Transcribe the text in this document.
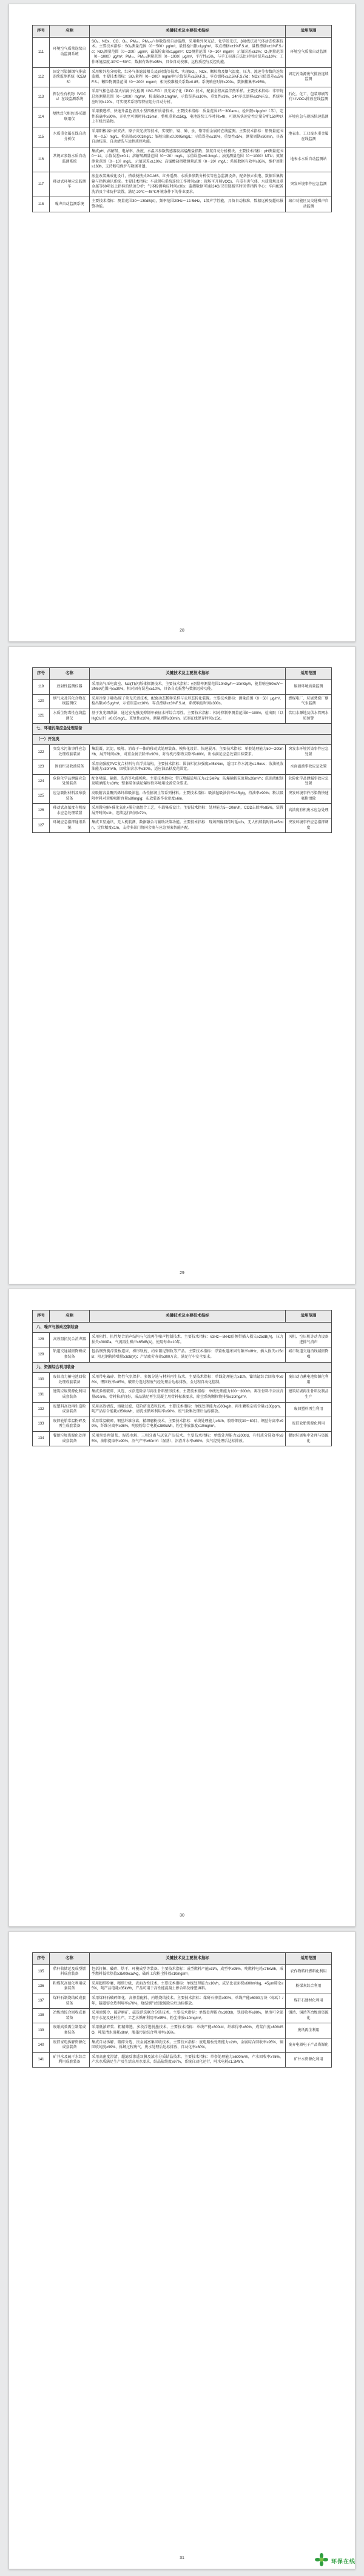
序号	名称	关键技术及主要技术指标	适用范围
111	环境空气质量连续自动监测系统	SO₂、NOx、CO、O₃、PM₁₀、PM₂.₅六参数连续自动监测，采用紫外荧光法、化学发光法、β射线法及气体动态校准技术。主要技术指标：SO₂测量范围（0～500）μg/m³，最低检出限≤1μg/m³，零点漂移≤±1%F.S./d，量程漂移≤±1%F.S./d；NO₂测量范围（0～200）μg/m³，最低检出限≤1μg/m³；CO测量范围（0～10）mg/m³，示值误差≤±2%；O₃测量范围（0～1000）μg/m³；PM₁₀、PM₂.₅测量范围（0～1000）μg/m³，平行性≤5%，与手工标准方法比对相对误差≤±10%；工作环境温度-30℃～50℃；数据有效率≥95%，具备自动校准、远程质控与反控功能。	环境空气质量自动监测
112	固定污染源烟气排放连续监测系统（CEMS）	采用紫外差分吸收、红外气体滤波相关及β射线等技术，实现SO₂、NOx、颗粒物及烟气温度、压力、流速等参数的连续监测。主要技术指标：SO₂量程（0～200）mg/m³时示值误差≤±5%F.S.，零点漂移≤±2.5%F.S./7d；NOx示值误差≤±5%F.S.；颗粒物测量范围（0～200）mg/m³，相关校准相关系数≥0.85；系统响应时间≤200s，数据捕集率≥95%。	固定污染源废气排放连续监测
113	挥发性有机物（VOCs）在线监测系统	采用气相色谱-氢火焰离子化检测（GC-FID）及光离子化（PID）技术，配套全程高温伴热采样。主要技术指标：非甲烷总烃测量范围（0～1000）mg/m³，检出限≤0.1mg/m³，示值误差≤±10%，重复性≤3%，24h零点漂移≤±3%F.S.，系统响应时间≤120s，可实现苯系物等特征组分自动分析。	石化、化工、包装印刷等行业VOCs排放在线监测
114	便携式气相色谱-质谱联用仪	采用膜进样、快速升温色谱及小型四极杆质谱技术。主要技术指标：质量范围15～300amu，检出限≤1μg/m³（苯），定性准确率≥90%，开机至可测时间≤15min，整机重量≤15kg，电池连续工作时间≥4h，可现场快速定性定量分析150种以上有机污染物。	环境应急与现场快速监测
115	水质重金属在线自动分析仪	采用阳极溶出伏安法、原子荧光法等技术，实现铅、镉、砷、汞、铬等重金属的在线监测。主要技术指标：铅测量范围（0～0.5）mg/L，检出限≤0.001mg/L；镉检出限≤0.0005mg/L；示值误差≤±10%，重复性≤5%，测量周期≤60min，具备自动校准、自动清洗与远程质控功能。	地表水、工业废水重金属在线监测
116	常规五参数水质自动监测系统	集成pH、溶解氧、电导率、浊度、水温五参数传感器及高锰酸盐指数、氨氮自动分析模块。主要技术指标：pH测量范围0～14，示值误差≤±0.1；溶解氧测量范围（0～20）mg/L，示值误差≤±0.3mg/L；浊度测量范围（0～1000）NTU；氨氮测量范围（0～10）mg/L，示值误差≤±10%；高锰酸盐指数测量范围（0～20）mg/L；系统数据有效率≥95%，维护周期≥168h，支持断电保护与数据补遗。	地表水水质自动监测站
117	移动式环境应急监测车	底盘改装集成化设计，搭载便携式GC-MS、红外遥测、水质多参数分析仪等应急监测设备，配备独立供电、数据采集传输与指挥通讯系统。主要技术指标：车载供电系统连续工作时间≥8h；现场可开展VOCs、有毒有害气体、水质常规及重金属等60项以上指标的快速分析；气体检测响应时间≤30s；监测数据可通过4G/卫星链路实时回传指挥中心；车内配备洗消及个体防护装置，满足-20℃～45℃环境条件下的作业要求。	突发环境事件应急监测
118	噪声自动监测系统	主要技术指标：测量范围30～130dB(A)，频率范围20Hz～12.5kHz，1级声学性能，具备自动校准、数据远传及超标报警功能。	城市功能区及交通噪声自动监测
28
序号	名称	关键技术及主要技术指标	适用范围
119	放射性监测仪器	采用高气压电离室、NaI(Tl)闪烁体探测技术。主要技术指标：γ剂量率测量范围10nGy/h～10mGy/h，能量响应50keV～3MeV范围内≤±30%，相对固有误差≤±10%，具备自动报警与数据远传功能。	辐射环境质量监测
120	烟气汞及其化合物在线监测仪	采用冷原子吸收/原子荧光光谱技术，配套动态稀释采样与汞形态转化装置。主要技术指标：测量范围（0～50）μg/m³，检出限≤0.5μg/m³，示值误差≤±10%，零点漂移≤±3%F.S./d，系统响应时间≤300s。	燃煤电厂、垃圾焚烧厂烟气汞监测
121	水质生物毒性在线监测仪	基于发光细菌法，通过发光强度抑制率表征水样综合毒性。主要技术指标：相对抑制率测量范围0～100%，检出限（以HgCl₂计）≤0.05mg/L，重复性≤10%，测量周期≤30min，试剂在线保存时间≥15d。	饮用水源地及供水管网水质预警
七、环境污染应急处理装备			
（一）开发类			
122	突发水污染事件应急处理成套装备	集混凝、沉淀、吸附、消毒于一体的移动式处理装备，模块化设计、快速展开。主要技术指标：单套处理能力50～200m³/h，展开时间≤2h，对重金属去除率≥90%，对有机污染物去除率≥80%，出水满足应急处置目标要求。	突发水环境污染事件应急处置
123	围油栏及收油装备	采用高强度PVC复合材料与自浮式结构。主要技术指标：围油栏抗拉强度≥45kN/m，适用工作水流速≤1.5m/s；收油机收油能力≥30m³/h，回收油含水率≤30%，适应油品粘度范围宽。	水面溢油事故应急处置
124	危险化学品泄漏应急处置装备	配备堵漏、输转、洗消等功能模块。主要技术指标：带压堵漏适用压力≤2.5MPa；防爆输转泵流量≥20m³/h；洗消液配制及喷洒能力≥3t/h；整套装备满足爆炸性环境用设备安全要求。	危险化学品泄漏事故应急处置
125	应急吸附材料及布放装备	高吸附容量聚丙烯纤维吸油毡、改性膨润土等系列材料。主要技术指标：吸油毡吸油倍率≥15g/g，持油率≥90%；粉状吸附材料对苯酚吸附容量≥80mg/g；布放装备作业宽度≥6m。	突发环境事件污染物快速吸附清除
126	移动式高浓度有机废水应急处理装置	采用微电解+催化氧化+膜分离组合工艺，车载集成设计。主要技术指标：处理能力5～20m³/h，COD去除率≥85%，装置展开时间≤1h，连续运行时间≥72h。	高浓度有机废水应急处理
127	环境应急指挥通讯系统	集成卫星通讯、无人机航测、数据融合与辅助决策功能。主要技术指标：现场图像回传时延≤2s，无人机续航时间≥45min，定位精度≤1m，支持多部门协同会商与应急预案智能匹配。	突发环境事件应急指挥调度
29
序号	名称	关键技术及主要技术指标	适用范围
八、噪声与振动控制装备			
128	高效阻抗复合消声器	采用阻性、抗性复合消声结构与气流再生噪声控制技术。主要技术指标：63Hz～8kHz倍频带插入损失≥25dB(A)，压力损失≤300Pa，气流再生噪声≤65dB(A)，使用寿命≥10年。	风机、空压机等动力设备进排气消声
129	轨道交通减振降噪成套装备	包括钢弹簧浮置板道床、梯形轨枕、约束阻尼钢轨等产品。主要技术指标：浮置板道床固有频率≤8Hz，插入损失≥15dB；阻尼钢轨降噪量≥3dB(A)；产品疲劳寿命≥300万次，满足行车安全要求。	城市轨道交通沿线减振降噪
九、资源综合利用装备			
130	废旧动力蓄电池回收处理成套装备	采用带电破碎、惰性气氛保护、多级分选与材料再生技术。主要技术指标：单线处理能力≥1t/h，镍钴锰综合回收率≥98%，锂回收率≥85%，破碎分选过程废气经处理后达标排放，全过程自动化控制。	废旧动力蓄电池资源化利用
131	建筑垃圾资源化利用成套装备	集成多级破碎、风选、水浮选除杂与再生骨料整形技术。主要技术指标：单线处理能力100～300t/h，再生骨料中杂质含量≤0.5%，骨料粒形良好，成品满足再生混凝土用骨料标准要求，除尘系统颗粒物排放≤10mg/m³。	建筑垃圾再生骨料及制品生产
132	废塑料高效再生造粒成套装备	采用高效清洗、熔融过滤、双阶挤出造粒技术。主要技术指标：单线处理能力≥500kg/h，再生颗粒杂质含量≤100ppm，吨产品综合能耗≤350kWh，清洗水循环利用率≥90%，废气收集处理后达标排放。	废旧塑料再生利用
133	废旧轮胎常温粉碎及再生成套装备	采用常温破碎、钢丝纤维分离、精细磨粉技术。主要技术指标：单线处理能力≥3t/h，胶粉细度30～80目，钢丝分离率≥99%，纤维分离率≥98%，吨胶粉综合电耗≤280kWh，粉尘排放浓度≤10mg/m³。	废旧轮胎资源化利用
134	餐厨垃圾资源化处理成套装备	采用预处理制浆、湿热水解、三相分离与厌氧产沼技术。主要技术指标：单线处理能力≥200t/d，有机质分选效率≥95%，油脂提取率≥90%，沼气产率≥60m³/t（湿基），沼渣含水率≤60%，臭气经处理后达标排放。	餐厨垃圾集中处理与资源化
30
序号	名称	关键技术及主要技术指标	适用范围
135	秸秆收储运及成型燃料成套装备	包括打捆、破碎、烘干、环模成型等装备。主要技术指标：成型燃料产能≥3t/h，成型率≥95%，吨燃料电耗≤75kWh，成型燃料低位热值≥3500kcal/kg，破碎工段粉尘排放≤10mg/m³。	农作物秸秆燃料化利用
136	粉煤灰高值化利用成套装备	采用超细粉磨、精细分级、表面改性技术。主要技术指标：单线处理能力≥10t/h，成品比表面积≥600m²/kg，45μm筛余≤5%，吨产品电耗≤35kWh，产品可用于高性能混凝土掺合料及橡塑填料。	粉煤灰综合利用
137	煤矸石制烧结砖成套装备	采用煤矸石破碎细化、高掺量配料、内燃烧结技术。主要技术指标：煤矸石掺量≥90%，单线产能≥6000万块（标砖）/年，隧道窑余热利用率≥70%，烧结烟气经脱硫除尘后达标排放。	煤矸石建材化利用
138	冶炼渣综合回收成套装备	采用渣缓冷、破碎磨矿、磁选浮选联合分选技术。主要技术指标：单线处理能力≥100t/h，铁回收率≥90%，尾渣可全部用于水泥及建材生产，工艺水循环利用率≥95%，粉尘排放≤10mg/m³。	钢渣、铜渣等冶炼渣资源化
139	废纸高效再生制浆成套装备	采用低浓碎浆、粗精筛选、多段浮选脱墨技术。主要技术指标：单线产能≥300t/d，纤维得率≥80%，成浆白度≥80%ISO，吨浆清水消耗≤8m³，脱墨污泥综合利用率≥95%。	废纸再生利用
140	废旧家电拆解资源化成套装备	集成自动拆解、破碎分选、贵金属富集回收技术。主要技术指标：废电路板处理能力≥2t/h，金属综合回收率≥95%，铜回收纯度≥99%，拆解过程废气、废水处理后达标排放，自动化率≥80%。	废弃电器电子产品资源化
141	矿井水及疏干水综合利用成套装备	采用高密度澄清、超滤反渗透双膜及浓水分质结晶技术。主要技术指标：单套处理能力≥500m³/h，产水回收率≥75%，产水水质满足生产及生活杂用水要求，结晶盐纯度≥97%，系统自动化运行，吨水电耗≤1.2kWh。	矿井水资源化利用
31
环保在线
